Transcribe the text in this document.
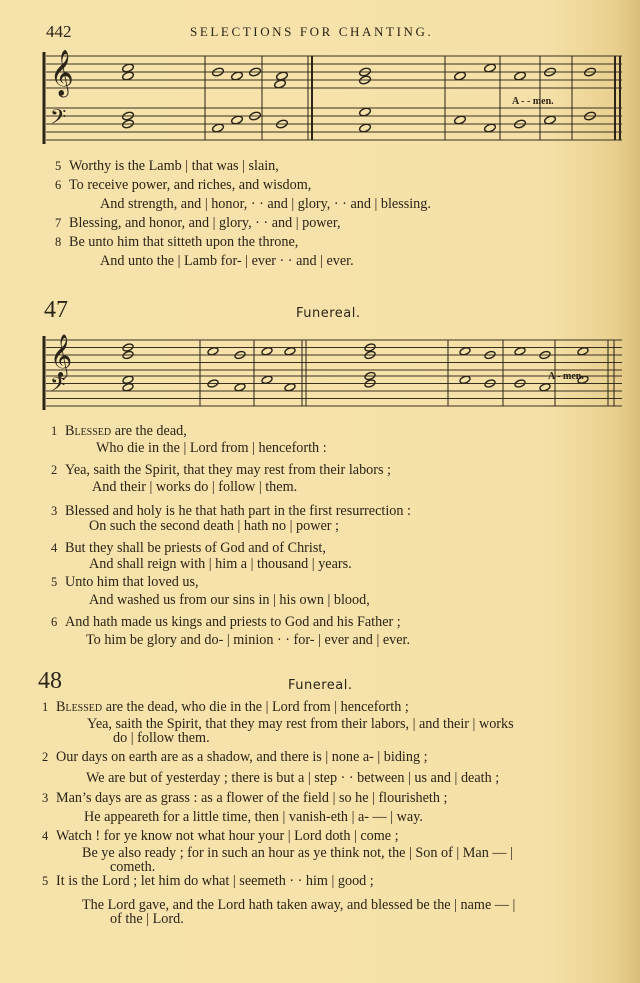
442	SELECTIONS FOR CHANTING.
𝄞
𝄢
𝄞
𝄢
A - - men.
47	Funereal.
A - men.
48	Funereal.
5 Worthy is the Lamb | that was | slain,
6 To receive power, and riches, and wisdom,
And strength, and | honor, · · and | glory, · · and | blessing.
7 Blessing, and honor, and | glory, · · and | power,
8 Be unto him that sitteth upon the throne,
And unto the | Lamb for- | ever · · and | ever.
1 Blessed are the dead,
Who die in the | Lord from | henceforth :
2 Yea, saith the Spirit, that they may rest from their labors ;
And their | works do | follow | them.
3 Blessed and holy is he that hath part in the first resurrection :
On such the second death | hath no | power ;
4 But they shall be priests of God and of Christ,
And shall reign with | him a | thousand | years.
5 Unto him that loved us,
And washed us from our sins in | his own | blood,
6 And hath made us kings and priests to God and his Father ;
To him be glory and do- | minion · · for- | ever and | ever.
1 Blessed are the dead, who die in the | Lord from | henceforth ;
Yea, saith the Spirit, that they may rest from their labors, | and their | works
do | follow them.
2 Our days on earth are as a shadow, and there is | none a- | biding ;
We are but of yesterday ; there is but a | step · · between | us and | death ;
3 Man’s days are as grass : as a flower of the field | so he | flourisheth ;
He appeareth for a little time, then | vanish-eth | a- — | way.
4 Watch ! for ye know not what hour your | Lord doth | come ;
Be ye also ready ; for in such an hour as ye think not, the | Son of | Man — |
cometh.
5 It is the Lord ; let him do what | seemeth · · him | good ;
The Lord gave, and the Lord hath taken away, and blessed be the | name — |
of the | Lord.
